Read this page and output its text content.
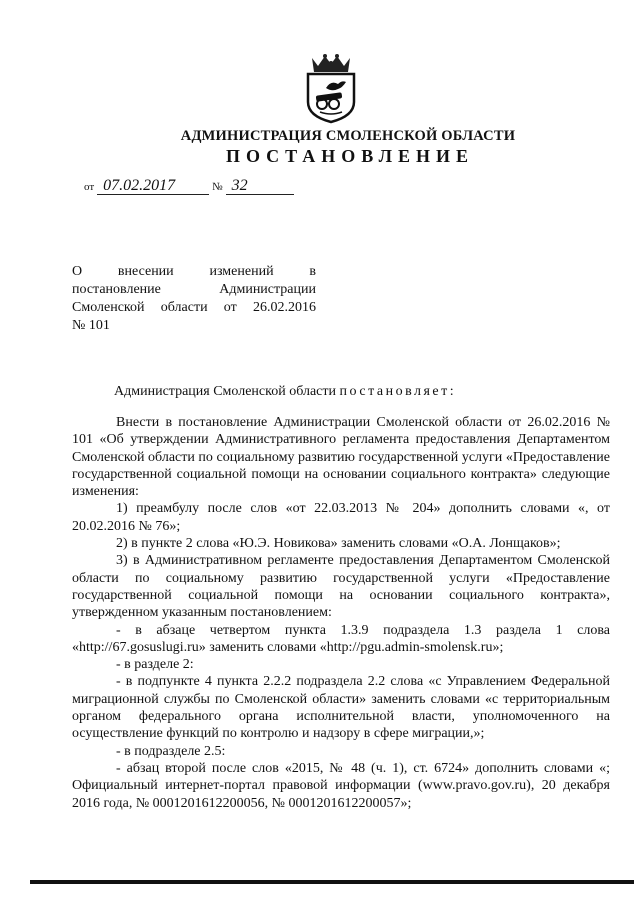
АДМИНИСТРАЦИЯ СМОЛЕНСКОЙ ОБЛАСТИ
ПОСТАНОВЛЕНИЕ
от 07.02.2017	№ 32
О внесении изменений в
постановление Администрации
Смоленской области от 26.02.2016
№ 101
Администрация Смоленской области постановляет:

Внести в постановление Администрации Смоленской области от 26.02.2016 № 101 «Об утверждении Административного регламента предоставления Департаментом Смоленской области по социальному развитию государственной услуги «Предоставление государственной социальной помощи на основании социального контракта» следующие изменения:

1) преамбулу после слов «от 22.03.2013 № 204» дополнить словами «, от 20.02.2016 № 76»;

2) в пункте 2 слова «Ю.Э. Новикова» заменить словами «О.А. Лонщаков»;

3) в Административном регламенте предоставления Департаментом Смоленской области по социальному развитию государственной услуги «Предоставление государственной социальной помощи на основании социального контракта», утвержденном указанным постановлением:

- в абзаце четвертом пункта 1.3.9 подраздела 1.3 раздела 1 слова «http://67.gosuslugi.ru» заменить словами «http://pgu.admin-smolensk.ru»;

- в разделе 2:

- в подпункте 4 пункта 2.2.2 подраздела 2.2 слова «с Управлением Федеральной миграционной службы по Смоленской области» заменить словами «с территориальным органом федерального органа исполнительной власти, уполномоченного на осуществление функций по контролю и надзору в сфере миграции,»;

- в подразделе 2.5:

- абзац второй после слов «2015, № 48 (ч. 1), ст. 6724» дополнить словами «; Официальный интернет-портал правовой информации (www.pravo.gov.ru), 20 декабря 2016 года, № 0001201612200056, № 0001201612200057»;
